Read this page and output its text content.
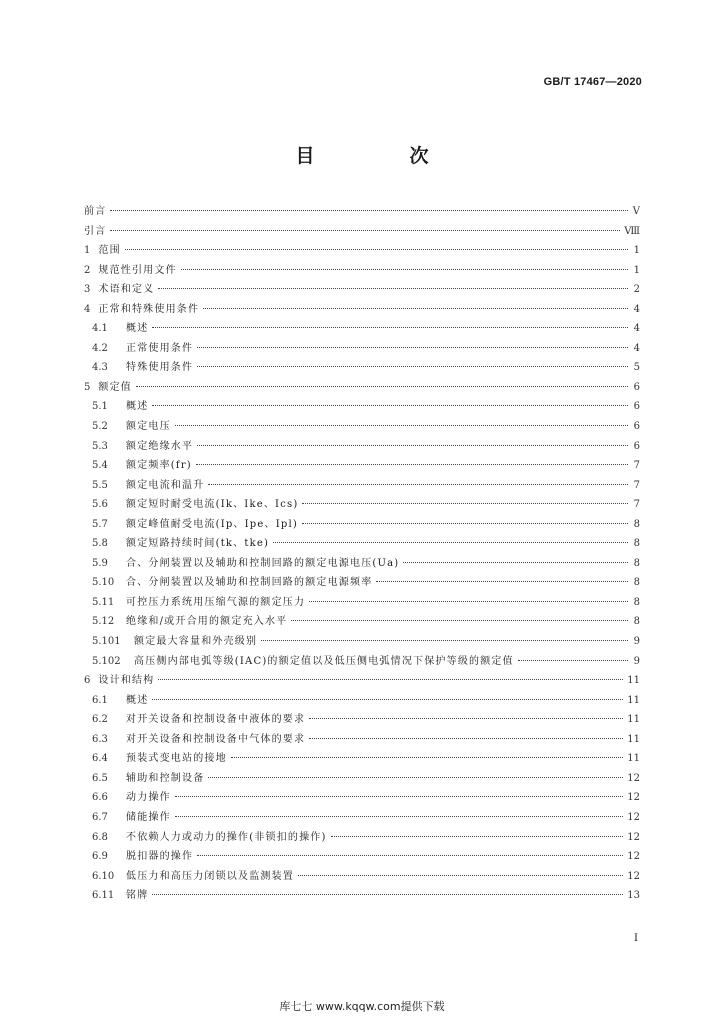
GB/T 17467—2020
目　次
前言	Ⅴ
引言	Ⅷ
1 范围	1
2 规范性引用文件	1
3 术语和定义	2
4 正常和特殊使用条件	4
4.1	概述	4
4.2	正常使用条件	4
4.3	特殊使用条件	5
5 额定值	6
5.1	概述	6
5.2	额定电压	6
5.3	额定绝缘水平	6
5.4	额定频率(fr)	7
5.5	额定电流和温升	7
5.6	额定短时耐受电流(Ik、Ike、Ics)	7
5.7	额定峰值耐受电流(Ip、Ipe、Ipl)	8
5.8	额定短路持续时间(tk、tke)	8
5.9	合、分闸装置以及辅助和控制回路的额定电源电压(Ua)	8
5.10	合、分闸装置以及辅助和控制回路的额定电源频率	8
5.11	可控压力系统用压缩气源的额定压力	8
5.12	绝缘和/或开合用的额定充入水平	8
5.101	额定最大容量和外壳级别	9
5.102	高压侧内部电弧等级(IAC)的额定值以及低压侧电弧情况下保护等级的额定值	9
6 设计和结构	11
6.1	概述	11
6.2	对开关设备和控制设备中液体的要求	11
6.3	对开关设备和控制设备中气体的要求	11
6.4	预装式变电站的接地	11
6.5	辅助和控制设备	12
6.6	动力操作	12
6.7	储能操作	12
6.8	不依赖人力或动力的操作(非锁扣的操作)	12
6.9	脱扣器的操作	12
6.10	低压力和高压力闭锁以及监测装置	12
6.11	铭牌	13
I
库七七 www.kqqw.com提供下载
